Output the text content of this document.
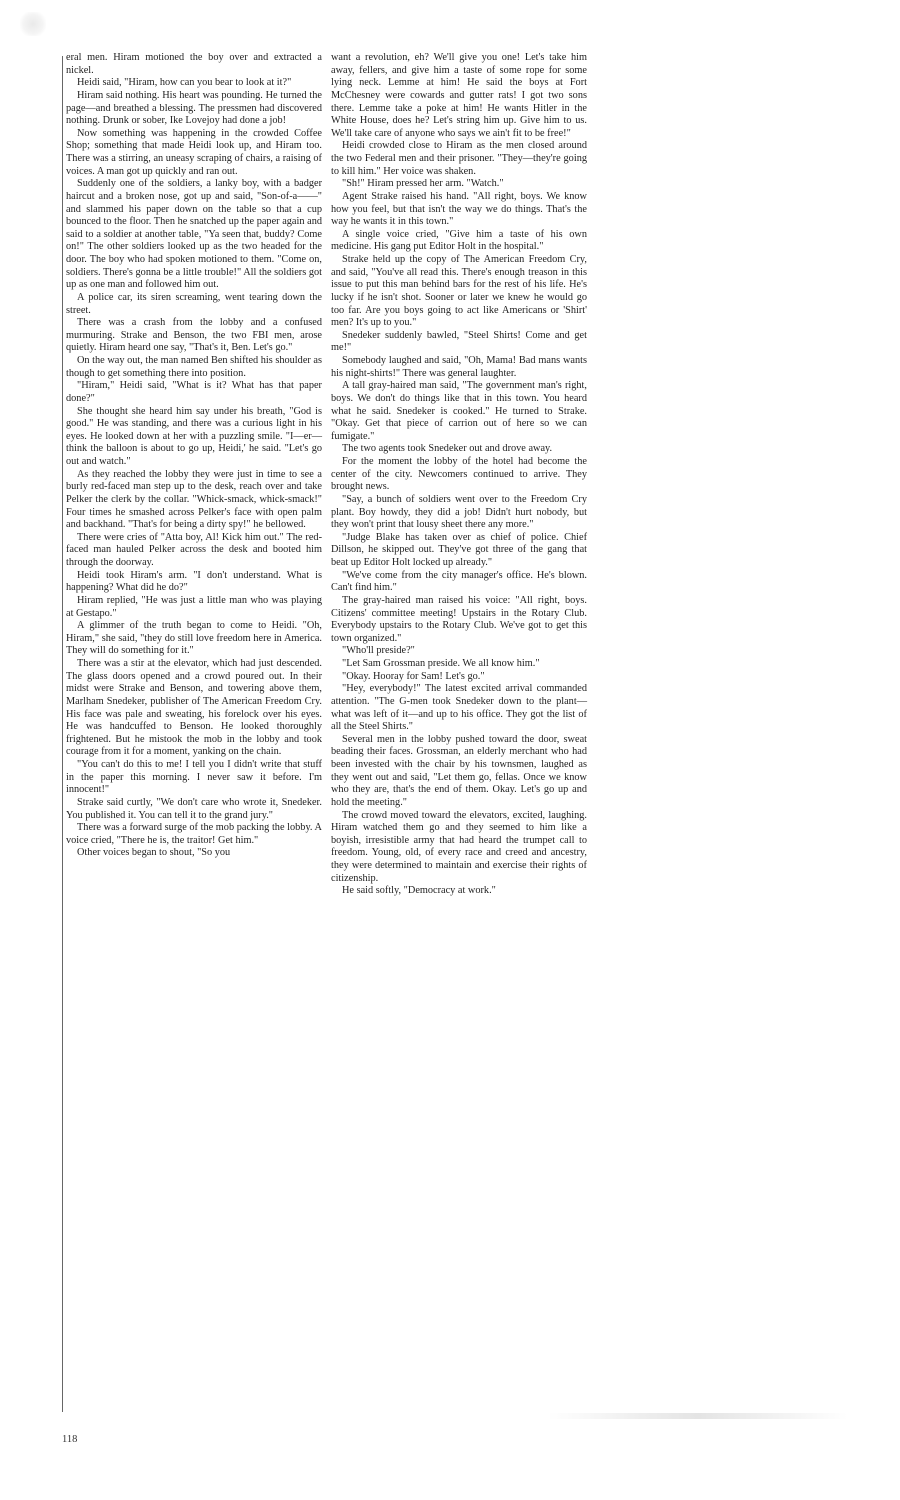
eral men. Hiram motioned the boy over and extracted a nickel.

Heidi said, "Hiram, how can you bear to look at it?"

Hiram said nothing. His heart was pounding. He turned the page—and breathed a blessing. The pressmen had discovered nothing. Drunk or sober, Ike Lovejoy had done a job!

Now something was happening in the crowded Coffee Shop; something that made Heidi look up, and Hiram too. There was a stirring, an uneasy scraping of chairs, a raising of voices. A man got up quickly and ran out.

Suddenly one of the soldiers, a lanky boy, with a badger haircut and a broken nose, got up and said, "Son-of-a——" and slammed his paper down on the table so that a cup bounced to the floor. Then he snatched up the paper again and said to a soldier at another table, "Ya seen that, buddy? Come on!" The other soldiers looked up as the two headed for the door. The boy who had spoken motioned to them. "Come on, soldiers. There's gonna be a little trouble!" All the soldiers got up as one man and followed him out.

A police car, its siren screaming, went tearing down the street.

There was a crash from the lobby and a confused murmuring. Strake and Benson, the two FBI men, arose quietly. Hiram heard one say, "That's it, Ben. Let's go."

On the way out, the man named Ben shifted his shoulder as though to get something there into position.

"Hiram," Heidi said, "What is it? What has that paper done?"

She thought she heard him say under his breath, "God is good." He was standing, and there was a curious light in his eyes. He looked down at her with a puzzling smile. "I—er—think the balloon is about to go up, Heidi,' he said. "Let's go out and watch."

As they reached the lobby they were just in time to see a burly red-faced man step up to the desk, reach over and take Pelker the clerk by the collar. "Whick-smack, whick-smack!" Four times he smashed across Pelker's face with open palm and backhand. "That's for being a dirty spy!" he bellowed.

There were cries of "Atta boy, Al! Kick him out." The red-faced man hauled Pelker across the desk and booted him through the doorway.

Heidi took Hiram's arm. "I don't understand. What is happening? What did he do?"

Hiram replied, "He was just a little man who was playing at Gestapo."

A glimmer of the truth began to come to Heidi. "Oh, Hiram," she said, "they do still love freedom here in America. They will do something for it."

There was a stir at the elevator, which had just descended. The glass doors opened and a crowd poured out. In their midst were Strake and Benson, and towering above them, Marlham Snedeker, publisher of The American Freedom Cry. His face was pale and sweating, his forelock over his eyes. He was handcuffed to Benson. He looked thoroughly frightened. But he mistook the mob in the lobby and took courage from it for a moment, yanking on the chain.

"You can't do this to me! I tell you I didn't write that stuff in the paper this morning. I never saw it before. I'm innocent!"

Strake said curtly, "We don't care who wrote it, Snedeker. You published it. You can tell it to the grand jury."

There was a forward surge of the mob packing the lobby. A voice cried, "There he is, the traitor! Get him."

Other voices began to shout, "So you

want a revolution, eh? We'll give you one! Let's take him away, fellers, and give him a taste of some rope for some lying neck. Lemme at him! He said the boys at Fort McChesney were cowards and gutter rats! I got two sons there. Lemme take a poke at him! He wants Hitler in the White House, does he? Let's string him up. Give him to us. We'll take care of anyone who says we ain't fit to be free!"

Heidi crowded close to Hiram as the men closed around the two Federal men and their prisoner. "They—they're going to kill him." Her voice was shaken.

"Sh!" Hiram pressed her arm. "Watch."

Agent Strake raised his hand. "All right, boys. We know how you feel, but that isn't the way we do things. That's the way he wants it in this town."

A single voice cried, "Give him a taste of his own medicine. His gang put Editor Holt in the hospital."

Strake held up the copy of The American Freedom Cry, and said, "You've all read this. There's enough treason in this issue to put this man behind bars for the rest of his life. He's lucky if he isn't shot. Sooner or later we knew he would go too far. Are you boys going to act like Americans or 'Shirt' men? It's up to you."

Snedeker suddenly bawled, "Steel Shirts! Come and get me!"

Somebody laughed and said, "Oh, Mama! Bad mans wants his night-shirts!" There was general laughter.

A tall gray-haired man said, "The government man's right, boys. We don't do things like that in this town. You heard what he said. Snedeker is cooked." He turned to Strake. "Okay. Get that piece of carrion out of here so we can fumigate."

The two agents took Snedeker out and drove away.

For the moment the lobby of the hotel had become the center of the city. Newcomers continued to arrive. They brought news.

"Say, a bunch of soldiers went over to the Freedom Cry plant. Boy howdy, they did a job! Didn't hurt nobody, but they won't print that lousy sheet there any more."

"Judge Blake has taken over as chief of police. Chief Dillson, he skipped out. They've got three of the gang that beat up Editor Holt locked up already."

"We've come from the city manager's office. He's blown. Can't find him."

The gray-haired man raised his voice: "All right, boys. Citizens' committee meeting! Upstairs in the Rotary Club. Everybody upstairs to the Rotary Club. We've got to get this town organized."

"Who'll preside?"

"Let Sam Grossman preside. We all know him."

"Okay. Hooray for Sam! Let's go."

"Hey, everybody!" The latest excited arrival commanded attention. "The G-men took Snedeker down to the plant—what was left of it—and up to his office. They got the list of all the Steel Shirts."

Several men in the lobby pushed toward the door, sweat beading their faces. Grossman, an elderly merchant who had been invested with the chair by his townsmen, laughed as they went out and said, "Let them go, fellas. Once we know who they are, that's the end of them. Okay. Let's go up and hold the meeting."

The crowd moved toward the elevators, excited, laughing. Hiram watched them go and they seemed to him like a boyish, irresistible army that had heard the trumpet call to freedom. Young, old, of every race and creed and ancestry, they were determined to maintain and exercise their rights of citizenship.

He said softly, "Democracy at work."

118
